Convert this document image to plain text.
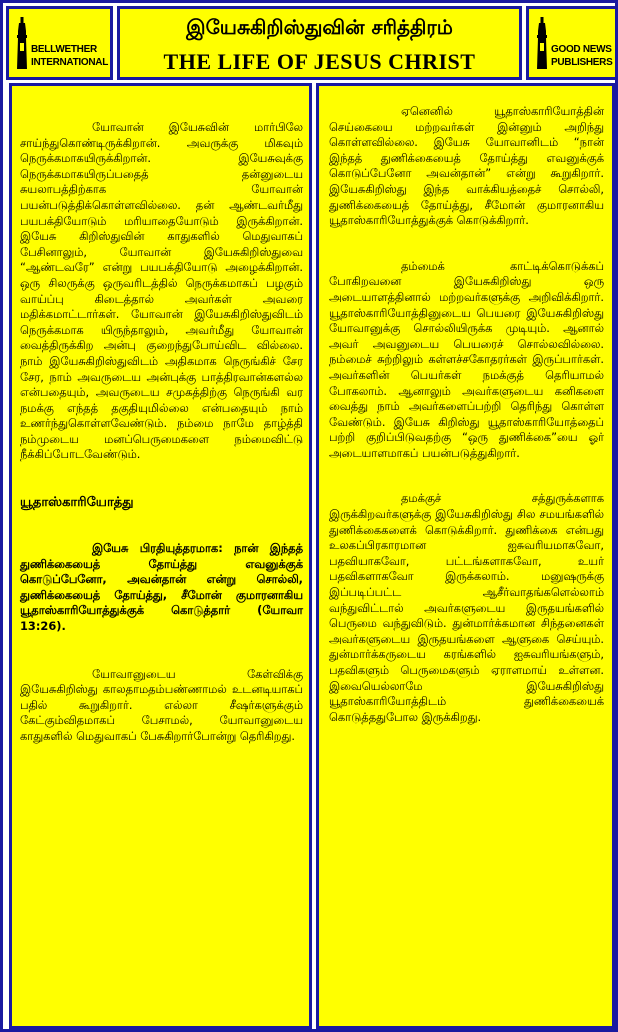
BELLWETHER
INTERNATIONAL
இயேசுகிறிஸ்துவின் சரித்திரம்
THE LIFE OF JESUS CHRIST	GOOD NEWS
PUBLISHERS

யோவான் இயேசுவின் மார்பிலே சாய்ந்துகொண்டிருக்கிறான். அவருக்கு மிகவும் நெருக்கமாகயிருக்கிறான். இயேசுவுக்கு நெருக்கமாகயிருப்பதைத் தன்னுடைய சுயலாபத்திற்காக யோவான் பயன்படுத்திக்கொள்ளவில்லை. தன் ஆண்டவர்மீது பயபக்தியோடும் மரியாதையோடும் இருக்கிறான். இயேசு கிறிஸ்துவின் காதுகளில் மெதுவாகப் பேசினாலும், யோவான் இயேசுகிறிஸ்துவை “ஆண்டவரே” என்று பயபக்தியோடு அழைக்கிறான். ஒரு சிலருக்கு ஒருவரிடத்தில் நெருக்கமாகப் பழகும் வாய்ப்பு கிடைத்தால் அவர்கள் அவரை மதிக்கமாட்டார்கள். யோவான் இயேசுகிறிஸ்துவிடம் நெருக்கமாக யிருந்தாலும், அவர்மீது யோவான் வைத்திருக்கிற அன்பு குறைந்துபோய்விட வில்லை. நாம் இயேசுகிறிஸ்துவிடம் அதிகமாக நெருங்கிச் சேர சேர, நாம் அவருடைய அன்புக்கு பாத்திரவான்களல்ல என்பதையும், அவருடைய சமுகத்திற்கு நெருங்கி வர நமக்கு எந்தத் தகுதியுமில்லை என்பதையும் நாம் உணர்ந்துகொள்ளவேண்டும். நம்மை நாமே தாழ்த்தி நம்முடைய மனப்பெருமைகளை நம்மைவிட்டு நீக்கிப்போடவேண்டும்.

யூதாஸ்காரியோத்து

இயேசு பிரதியுத்தரமாக: நான் இந்தத் துணிக்கையைத் தோய்த்து எவனுக்குக் கொடுப்பேனோ, அவன்தான் என்று சொல்லி, துணிக்கையைத் தோய்த்து, சீமோன் குமாரனாகிய யூதாஸ்காரியோத்துக்குக் கொடுத்தார் (யோவா 13:26).

யோவானுடைய கேள்விக்கு இயேசுகிறிஸ்து காலதாமதம்பண்ணாமல் உடனடியாகப் பதில் கூறுகிறார். எல்லா சீஷர்களுக்கும் கேட்கும்விதமாகப் பேசாமல், யோவானுடைய காதுகளில் மெதுவாகப் பேசுகிறார்போன்று தெரிகிறது.

ஏனெனில் யூதாஸ்காரியோத்தின் செய்கையை மற்றவர்கள் இன்னும் அறிந்து கொள்ளவில்லை. இயேசு யோவானிடம் “நான் இந்தத் துணிக்கையைத் தோய்த்து எவனுக்குக் கொடுப்பேனோ அவன்தான்” என்று கூறுகிறார். இயேசுகிறிஸ்து இந்த வாக்கியத்தைச் சொல்லி, துணிக்கையைத் தோய்த்து, சீமோன் குமாரனாகிய யூதாஸ்காரியோத்துக்குக் கொடுக்கிறார்.

தம்மைக் காட்டிக்கொடுக்கப் போகிறவனை இயேசுகிறிஸ்து ஒரு அடையாளத்தினால் மற்றவர்களுக்கு அறிவிக்கிறார். யூதாஸ்காரியோத்தினுடைய பெயரை இயேசுகிறிஸ்து யோவானுக்கு சொல்லியிருக்க முடியும். ஆனால் அவர் அவனுடைய பெயரைச் சொல்லவில்லை. நம்மைச் சுற்றிலும் கள்ளச்சகோதரர்கள் இருப்பார்கள். அவர்களின் பெயர்கள் நமக்குத் தெரியாமல் போகலாம். ஆனாலும் அவர்களுடைய கனிகளை வைத்து நாம் அவர்களைப்பற்றி தெரிந்து கொள்ள வேண்டும். இயேசு கிறிஸ்து யூதாஸ்காரியோத்தைப் பற்றி குறிப்பிடுவதற்கு “ஒரு துணிக்கை”யை ஓர் அடையாளமாகப் பயன்படுத்துகிறார்.

தமக்குச் சத்துருக்களாக இருக்கிறவர்களுக்கு இயேசுகிறிஸ்து சில சமயங்களில் துணிக்கைகளைக் கொடுக்கிறார். துணிக்கை என்பது உலகப்பிரகாரமான ஐசுவரியமாகவோ, பதவியாகவோ, பட்டங்களாகவோ, உயர் பதவிகளாகவோ இருக்கலாம். மனுஷருக்கு இப்படிப்பட்ட ஆசீர்வாதங்களெல்லாம் வந்துவிட்டால் அவர்களுடைய இருதயங்களில் பெருமை வந்துவிடும். துன்மார்க்கமான சிந்தனைகள் அவர்களுடைய இருதயங்களை ஆளுகை செய்யும். துன்மார்க்கருடைய கரங்களில் ஐசுவரியங்களும், பதவிகளும் பெருமைகளும் ஏராளமாய் உள்ளன. இவையெல்லாமே இயேசுகிறிஸ்து யூதாஸ்காரியோத்திடம் துணிக்கையைக் கொடுத்ததுபோல இருக்கிறது.
